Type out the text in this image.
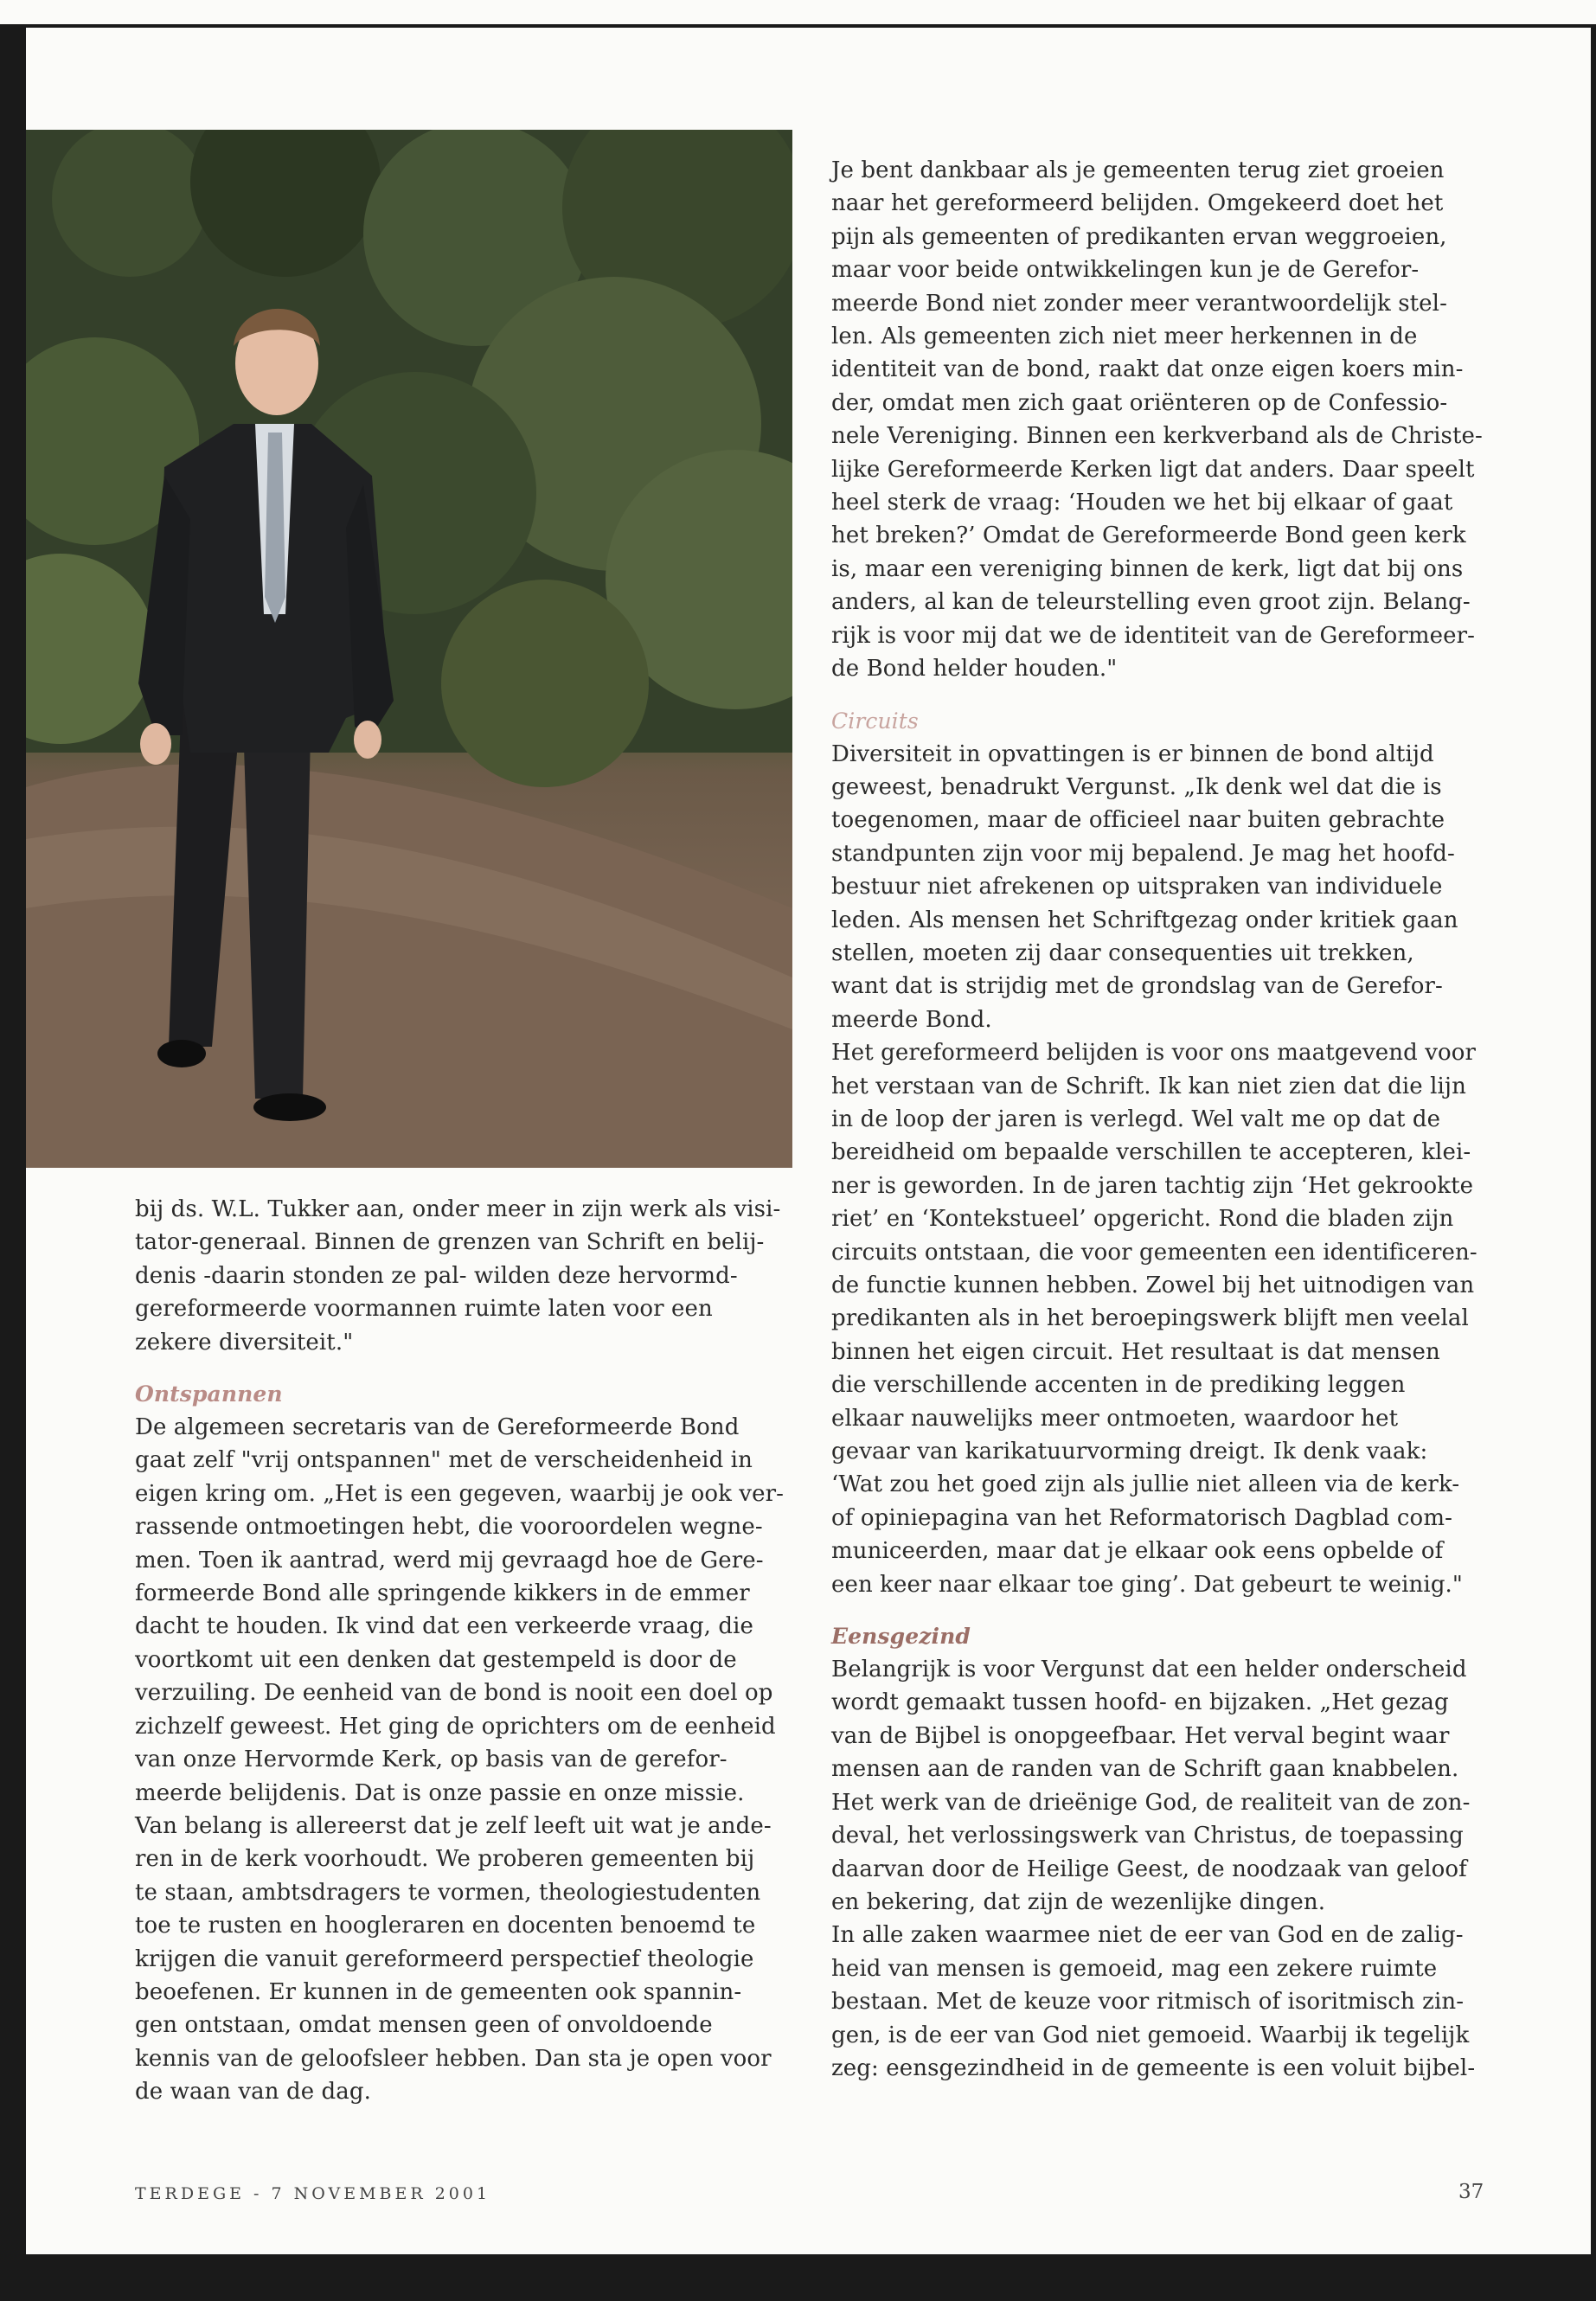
Je bent dankbaar als je gemeenten terug ziet groeien
naar het gereformeerd belijden. Omgekeerd doet het
pijn als gemeenten of predikanten ervan weggroeien,
maar voor beide ontwikkelingen kun je de Gerefor-
meerde Bond niet zonder meer verantwoordelijk stel-
len. Als gemeenten zich niet meer herkennen in de
identiteit van de bond, raakt dat onze eigen koers min-
der, omdat men zich gaat oriënteren op de Confessio-
nele Vereniging. Binnen een kerkverband als de Christe-
lijke Gereformeerde Kerken ligt dat anders. Daar speelt
heel sterk de vraag: ‘Houden we het bij elkaar of gaat
het breken?’ Omdat de Gereformeerde Bond geen kerk
is, maar een vereniging binnen de kerk, ligt dat bij ons
anders, al kan de teleurstelling even groot zijn. Belang-
rijk is voor mij dat we de identiteit van de Gereformeer-
de Bond helder houden."

Circuits

Diversiteit in opvattingen is er binnen de bond altijd
geweest, benadrukt Vergunst. „Ik denk wel dat die is
toegenomen, maar de officieel naar buiten gebrachte
standpunten zijn voor mij bepalend. Je mag het hoofd-
bestuur niet afrekenen op uitspraken van individuele
leden. Als mensen het Schriftgezag onder kritiek gaan
stellen, moeten zij daar consequenties uit trekken,
want dat is strijdig met de grondslag van de Gerefor-
meerde Bond.

Het gereformeerd belijden is voor ons maatgevend voor
het verstaan van de Schrift. Ik kan niet zien dat die lijn
in de loop der jaren is verlegd. Wel valt me op dat de
bereidheid om bepaalde verschillen te accepteren, klei-
ner is geworden. In de jaren tachtig zijn ‘Het gekrookte
riet’ en ‘Kontekstueel’ opgericht. Rond die bladen zijn
circuits ontstaan, die voor gemeenten een identificeren-
de functie kunnen hebben. Zowel bij het uitnodigen van
predikanten als in het beroepingswerk blijft men veelal
binnen het eigen circuit. Het resultaat is dat mensen
die verschillende accenten in de prediking leggen
elkaar nauwelijks meer ontmoeten, waardoor het
gevaar van karikatuurvorming dreigt. Ik denk vaak:
‘Wat zou het goed zijn als jullie niet alleen via de kerk-
of opiniepagina van het Reformatorisch Dagblad com-
municeerden, maar dat je elkaar ook eens opbelde of
een keer naar elkaar toe ging’. Dat gebeurt te weinig."

Eensgezind

Belangrijk is voor Vergunst dat een helder onderscheid
wordt gemaakt tussen hoofd- en bijzaken. „Het gezag
van de Bijbel is onopgeefbaar. Het verval begint waar
mensen aan de randen van de Schrift gaan knabbelen.
Het werk van de drieënige God, de realiteit van de zon-
deval, het verlossingswerk van Christus, de toepassing
daarvan door de Heilige Geest, de noodzaak van geloof
en bekering, dat zijn de wezenlijke dingen.

In alle zaken waarmee niet de eer van God en de zalig-
heid van mensen is gemoeid, mag een zekere ruimte
bestaan. Met de keuze voor ritmisch of isoritmisch zin-
gen, is de eer van God niet gemoeid. Waarbij ik tegelijk
zeg: eensgezindheid in de gemeente is een voluit bijbel-

bij ds. W.L. Tukker aan, onder meer in zijn werk als visi-
tator-generaal. Binnen de grenzen van Schrift en belij-
denis -daarin stonden ze pal- wilden deze hervormd-
gereformeerde voormannen ruimte laten voor een
zekere diversiteit."

Ontspannen

De algemeen secretaris van de Gereformeerde Bond
gaat zelf "vrij ontspannen" met de verscheidenheid in
eigen kring om. „Het is een gegeven, waarbij je ook ver-
rassende ontmoetingen hebt, die vooroordelen wegne-
men. Toen ik aantrad, werd mij gevraagd hoe de Gere-
formeerde Bond alle springende kikkers in de emmer
dacht te houden. Ik vind dat een verkeerde vraag, die
voortkomt uit een denken dat gestempeld is door de
verzuiling. De eenheid van de bond is nooit een doel op
zichzelf geweest. Het ging de oprichters om de eenheid
van onze Hervormde Kerk, op basis van de gerefor-
meerde belijdenis. Dat is onze passie en onze missie.
Van belang is allereerst dat je zelf leeft uit wat je ande-
ren in de kerk voorhoudt. We proberen gemeenten bij
te staan, ambtsdragers te vormen, theologiestudenten
toe te rusten en hoogleraren en docenten benoemd te
krijgen die vanuit gereformeerd perspectief theologie
beoefenen. Er kunnen in de gemeenten ook spannin-
gen ontstaan, omdat mensen geen of onvoldoende
kennis van de geloofsleer hebben. Dan sta je open voor
de waan van de dag.

TERDEGE - 7 NOVEMBER 2001	37
